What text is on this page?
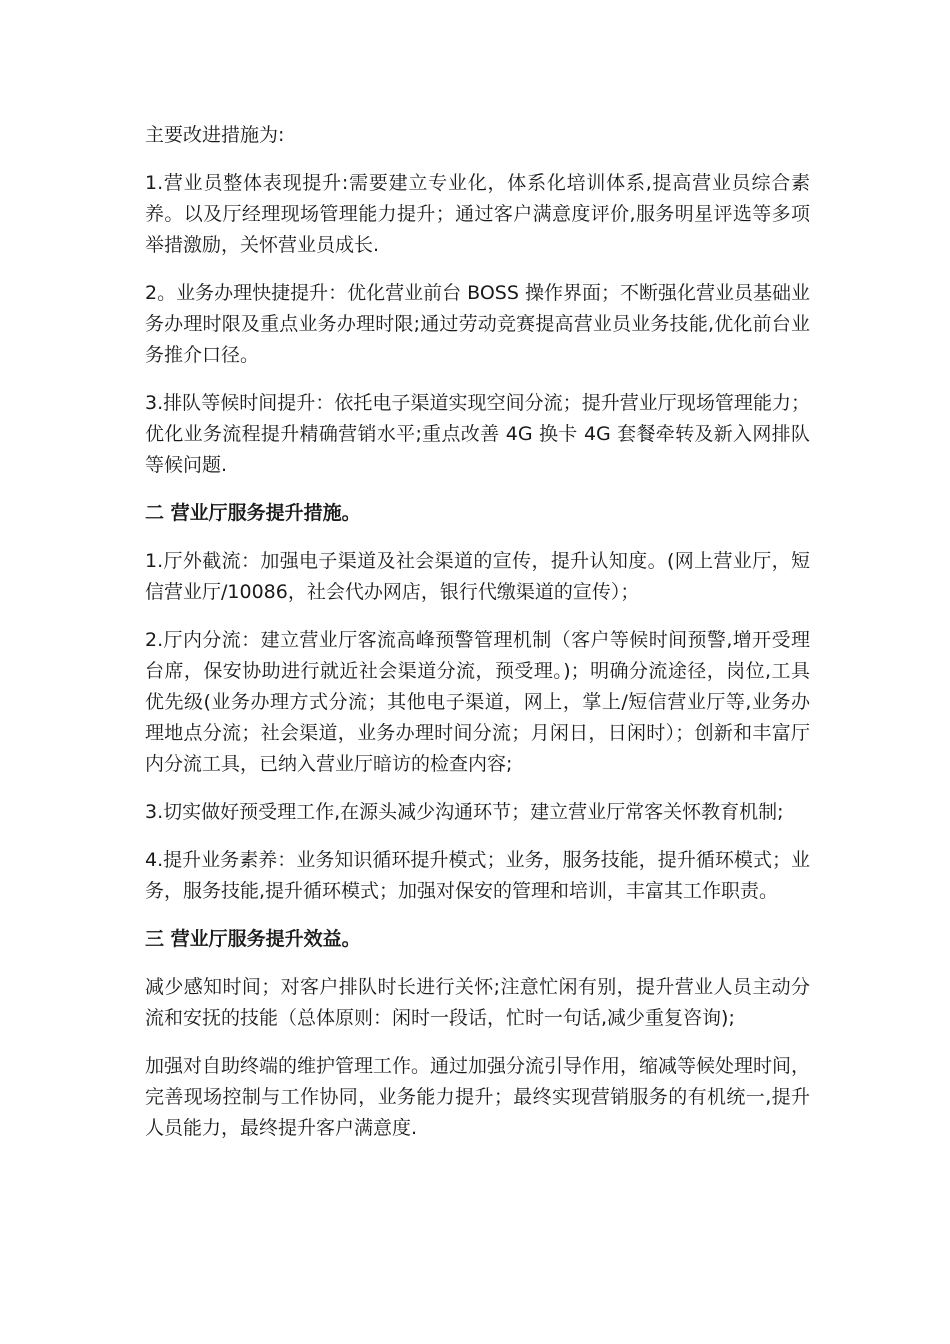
主要改进措施为:

1.营业员整体表现提升:需要建立专业化，体系化培训体系,提高营业员综合素养。以及厅经理现场管理能力提升；通过客户满意度评价,服务明星评选等多项举措激励，关怀营业员成长.

2。业务办理快捷提升：优化营业前台 BOSS 操作界面；不断强化营业员基础业务办理时限及重点业务办理时限;通过劳动竞赛提高营业员业务技能,优化前台业务推介口径。

3.排队等候时间提升：依托电子渠道实现空间分流；提升营业厅现场管理能力；优化业务流程提升精确营销水平;重点改善 4G 换卡 4G 套餐牵转及新入网排队等候问题.

二 营业厅服务提升措施。

1.厅外截流：加强电子渠道及社会渠道的宣传，提升认知度。(网上营业厅，短信营业厅/10086，社会代办网店，银行代缴渠道的宣传）；

2.厅内分流：建立营业厅客流高峰预警管理机制（客户等候时间预警,增开受理台席，保安协助进行就近社会渠道分流，预受理。)；明确分流途径，岗位,工具优先级(业务办理方式分流；其他电子渠道，网上，掌上/短信营业厅等,业务办理地点分流；社会渠道，业务办理时间分流；月闲日，日闲时）；创新和丰富厅内分流工具，已纳入营业厅暗访的检查内容;

3.切实做好预受理工作,在源头减少沟通环节；建立营业厅常客关怀教育机制;

4.提升业务素养：业务知识循环提升模式；业务，服务技能，提升循环模式；业务，服务技能,提升循环模式；加强对保安的管理和培训，丰富其工作职责。

三 营业厅服务提升效益。

减少感知时间；对客户排队时长进行关怀;注意忙闲有别，提升营业人员主动分流和安抚的技能（总体原则：闲时一段话，忙时一句话,减少重复咨询);

加强对自助终端的维护管理工作。通过加强分流引导作用，缩减等候处理时间，完善现场控制与工作协同，业务能力提升；最终实现营销服务的有机统一,提升人员能力，最终提升客户满意度.
